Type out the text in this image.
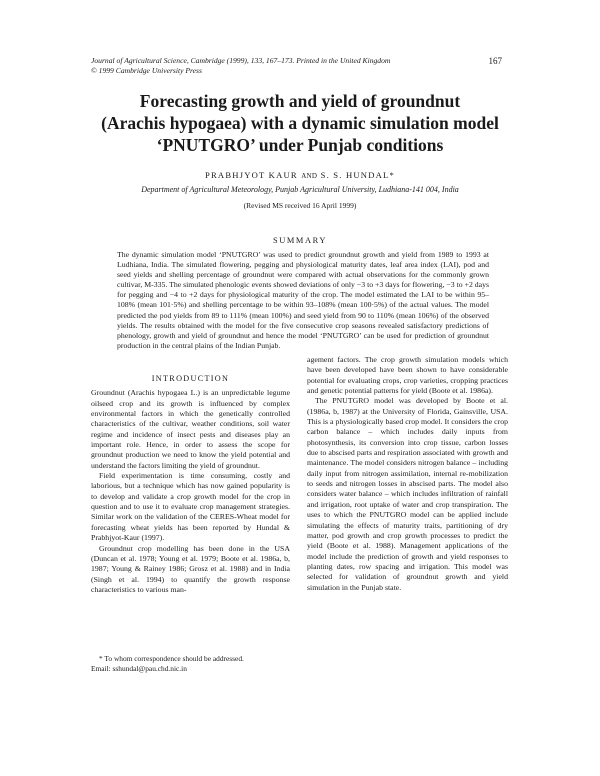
Journal of Agricultural Science, Cambridge (1999), 133, 167–173. Printed in the United Kingdom
© 1999 Cambridge University Press
167
Forecasting growth and yield of groundnut
(Arachis hypogaea) with a dynamic simulation model
‘PNUTGRO’ under Punjab conditions
PRABHJYOT KAUR AND S. S. HUNDAL*
Department of Agricultural Meteorology, Punjab Agricultural University, Ludhiana-141 004, India
(Revised MS received 16 April 1999)
SUMMARY
The dynamic simulation model ‘PNUTGRO’ was used to predict groundnut growth and yield from 1989 to 1993 at Ludhiana, India. The simulated flowering, pegging and physiological maturity dates, leaf area index (LAI), pod and seed yields and shelling percentage of groundnut were compared with actual observations for the commonly grown cultivar, M-335. The simulated phenologic events showed deviations of only −3 to +3 days for flowering, −3 to +2 days for pegging and −4 to +2 days for physiological maturity of the crop. The model estimated the LAI to be within 95–108% (mean 101·5%) and shelling percentage to be within 93–108% (mean 100·5%) of the actual values. The model predicted the pod yields from 89 to 111% (mean 100%) and seed yield from 90 to 110% (mean 106%) of the observed yields. The results obtained with the model for the five consecutive crop seasons revealed satisfactory predictions of phenology, growth and yield of groundnut and hence the model ‘PNUTGRO’ can be used for prediction of groundnut production in the central plains of the Indian Punjab.
INTRODUCTION

Groundnut (Arachis hypogaea L.) is an unpredictable legume oilseed crop and its growth is influenced by complex environmental factors in which the genetically controlled characteristics of the cultivar, weather conditions, soil water regime and incidence of insect pests and diseases play an important role. Hence, in order to assess the scope for groundnut production we need to know the yield potential and understand the factors limiting the yield of groundnut.

Field experimentation is time consuming, costly and laborious, but a technique which has now gained popularity is to develop and validate a crop growth model for the crop in question and to use it to evaluate crop management strategies. Similar work on the validation of the CERES-Wheat model for forecasting wheat yields has been reported by Hundal & Prabhjyot-Kaur (1997).

Groundnut crop modelling has been done in the USA (Duncan et al. 1978; Young et al. 1979; Boote et al. 1986a, b, 1987; Young & Rainey 1986; Grosz et al. 1988) and in India (Singh et al. 1994) to quantify the growth response characteristics to various man-

agement factors. The crop growth simulation models which have been developed have been shown to have considerable potential for evaluating crops, crop varieties, cropping practices and genetic potential patterns for yield (Boote et al. 1986a).

The PNUTGRO model was developed by Boote et al. (1986a, b, 1987) at the University of Florida, Gainsville, USA. This is a physiologically based crop model. It considers the crop carbon balance – which includes daily inputs from photosynthesis, its conversion into crop tissue, carbon losses due to abscised parts and respiration associated with growth and maintenance. The model considers nitrogen balance – including daily input from nitrogen assimilation, internal re-mobilization to seeds and nitrogen losses in abscised parts. The model also considers water balance – which includes infiltration of rainfall and irrigation, root uptake of water and crop transpiration. The uses to which the PNUTGRO model can be applied include simulating the effects of maturity traits, partitioning of dry matter, pod growth and crop growth processes to predict the yield (Boote et al. 1988). Management applications of the model include the prediction of growth and yield responses to planting dates, row spacing and irrigation. This model was selected for validation of groundnut growth and yield simulation in the Punjab state.

* To whom correspondence should be addressed.
Email: sshundal@pau.chd.nic.in
